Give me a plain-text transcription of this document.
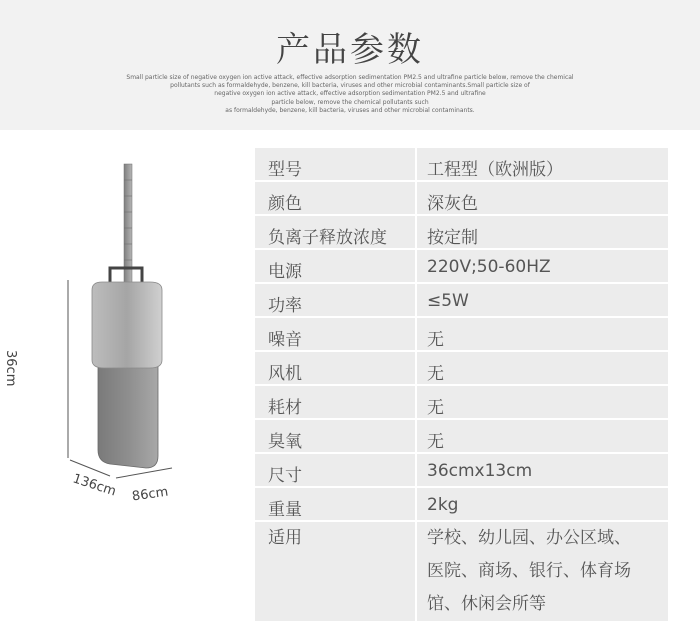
产品参数
Small particle size of negative oxygen ion active attack, effective adsorption sedimentation PM2.5 and ultrafine particle below, remove the chemical
pollutants such as formaldehyde, benzene, kill bacteria, viruses and other microbial contaminants.Small particle size of
negative oxygen ion active attack, effective adsorption sedimentation PM2.5 and ultrafine
particle below, remove the chemical pollutants such
as formaldehyde, benzene, kill bacteria, viruses and other microbial contaminants.
36cm
136cm 86cm
型号	工程型（欧洲版）
颜色	深灰色
负离子释放浓度	按定制
电源	220V;50-60HZ
功率	≤5W
噪音	无
风机	无
耗材	无
臭氧	无
尺寸	36cmx13cm
重量	2kg
适用	学校、幼儿园、办公区域、
医院、商场、银行、体育场
馆、休闲会所等
